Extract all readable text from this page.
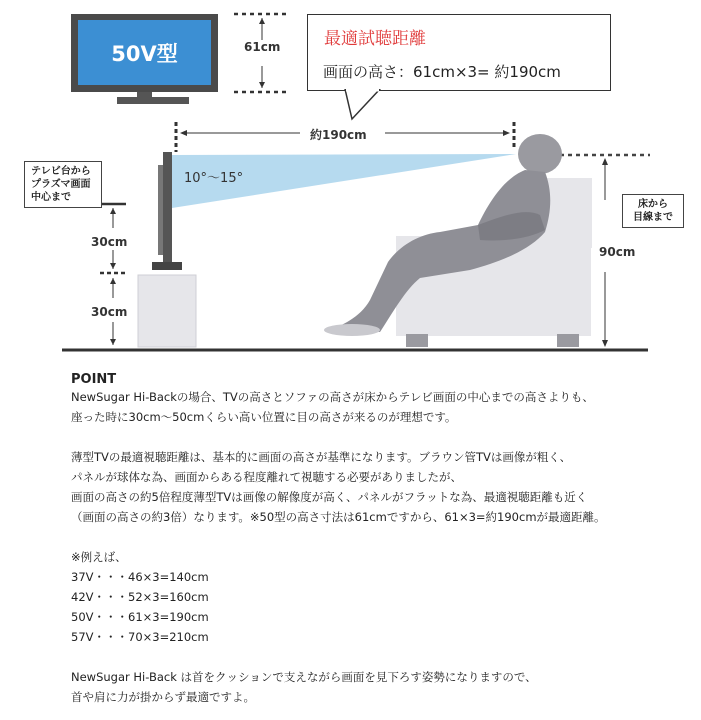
50V型	61cm	最適試聴距離
画面の高さ：61cm×3= 約190cm
約190cm
10°〜15°
テレビ台から
プラズマ画面
中心まで
30cm
30cm
床から
目線まで
90cm
POINT
NewSugar Hi-Backの場合、TVの高さとソファの高さが床からテレビ画面の中心までの高さよりも、
座った時に30cm〜50cmくらい高い位置に目の高さが来るのが理想です。
薄型TVの最適視聴距離は、基本的に画面の高さが基準になります。ブラウン管TVは画像が粗く、
パネルが球体な為、画面からある程度離れて視聴する必要がありましたが、
画面の高さの約5倍程度薄型TVは画像の解像度が高く、パネルがフラットな為、最適視聴距離も近く
（画面の高さの約3倍）なります。※50型の高さ寸法は61cmですから、61×3=約190cmが最適距離。
※例えば、
37V・・・46×3=140cm
42V・・・52×3=160cm
50V・・・61×3=190cm
57V・・・70×3=210cm
NewSugar Hi-Back は首をクッションで支えながら画面を見下ろす姿勢になりますので、
首や肩に力が掛からず最適ですよ。
